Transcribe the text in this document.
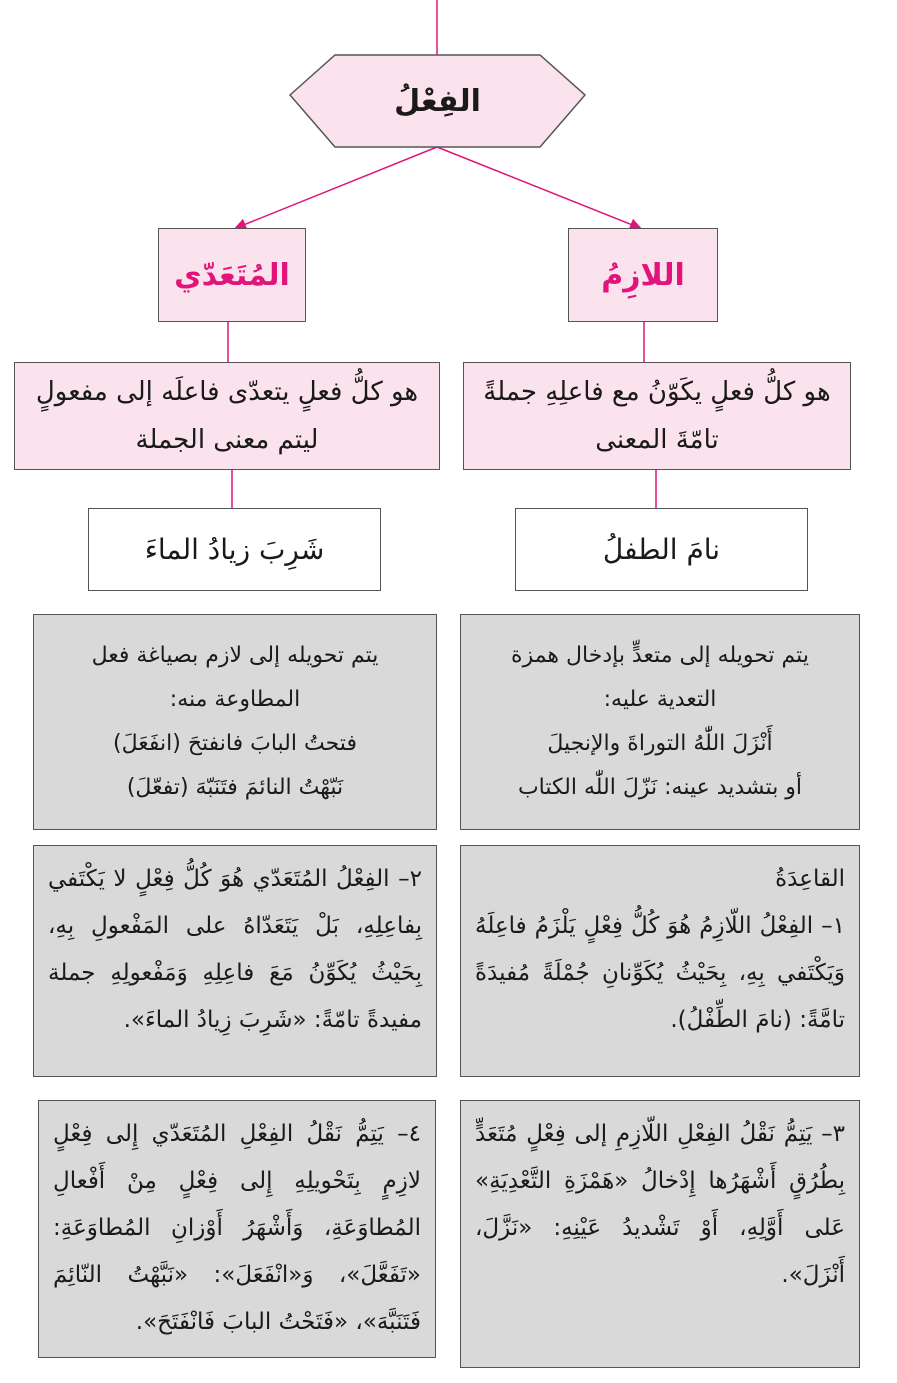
الفِعْلُ
اللازِمُ
المُتَعَدّي
هو كلُّ فعلٍ يكَوّنُ مع فاعلِهِ جملةً
تامّةَ المعنى
هو كلُّ فعلٍ يتعدّى فاعلَه إلى مفعولٍ
ليتم معنى الجملة
نامَ الطفلُ
شَرِبَ زيادُ الماءَ
يتم تحويله إلى متعدٍّ بإدخال همزة
التعدية عليه:
أَنْزَلَ اللّٰهُ التوراةَ والإنجيلَ
أو بتشديد عينه: نَزّلَ اللّٰه الكتاب
يتم تحويله إلى لازم بصياغة فعل
المطاوعة منه:
فتحتُ البابَ فانفتحَ (انفَعَلَ)
نَبّهْتُ النائمَ فتَنَبّهَ (تفعّلَ)

القاعِدَةُ

١– الفِعْلُ اللّازِمُ هُوَ كُلُّ فِعْلٍ يَلْزَمُ فاعِلَهُ وَيَكْتَفي بِهِ، بِحَيْثُ يُكَوِّنانِ جُمْلَةً مُفيدَةً تامَّةً: (نامَ الطِّفْلُ).

٢– الفِعْلُ المُتَعَدّي هُوَ كُلُّ فِعْلٍ لا يَكْتَفي بِفاعِلِهِ، بَلْ يَتَعَدّاهُ على المَفْعولِ بِهِ، بِحَيْثُ يُكَوِّنُ مَعَ فاعِلِهِ وَمَفْعولِهِ جملة مفيدةً تامّةً: «شَرِبَ زِيادُ الماءَ».

٣– يَتِمُّ نَقْلُ الفِعْلِ اللّازِمِ إلى فِعْلٍ مُتَعَدٍّ بِطُرُقٍ أَشْهَرُها إِدْخالُ «هَمْزَةِ التَّعْدِيَةِ» عَلى أَوَّلِهِ، أَوْ تَشْديدُ عَيْنِهِ: «نَزَّلَ، أَنْزَلَ».

٤– يَتِمُّ نَقْلُ الفِعْلِ المُتَعَدّي إِلى فِعْلٍ لازِمٍ بِتَحْويلِهِ إِلى فِعْلٍ مِنْ أَفْعالِ المُطاوَعَةِ، وَأَشْهَرُ أَوْزانِ المُطاوَعَةِ: «تَفَعَّلَ»، وَ«انْفَعَلَ»: «نَبَّهْتُ النّائِمَ فَتَنَبَّهَ»، «فَتَحْتُ البابَ فَانْفَتَحَ».
